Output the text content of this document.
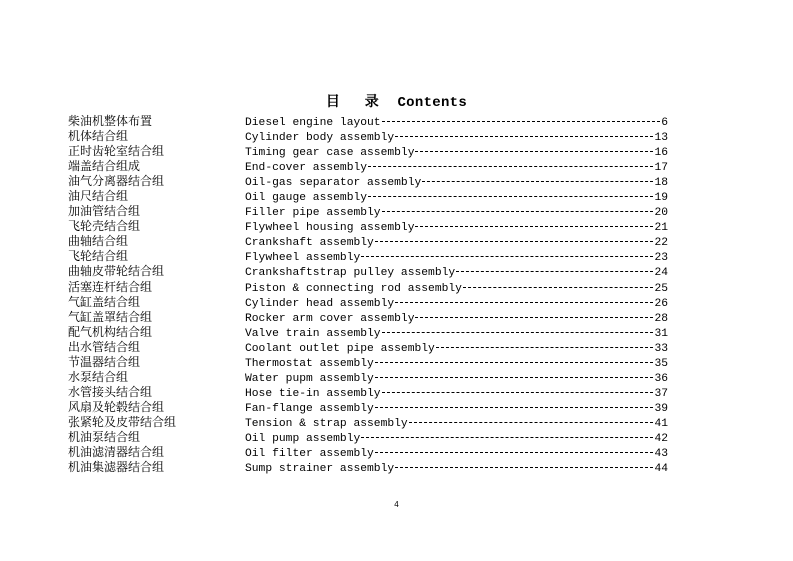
目 录 Contents
柴油机整体布置	Diesel engine layout	6
机体结合组	Cylinder body assembly	13
正时齿轮室结合组	Timing gear case assembly	16
端盖结合组成	End-cover assembly	17
油气分离器结合组	Oil-gas separator assembly	18
油尺结合组	Oil gauge assembly	19
加油管结合组	Filler pipe assembly	20
飞轮壳结合组	Flywheel housing assembly	21
曲轴结合组	Crankshaft assembly	22
飞轮结合组	Flywheel assembly	23
曲轴皮带轮结合组	Crankshaftstrap pulley assembly	24
活塞连杆结合组	Piston & connecting rod assembly	25
气缸盖结合组	Cylinder head assembly	26
气缸盖罩结合组	Rocker arm cover assembly	28
配气机构结合组	Valve train assembly	31
出水管结合组	Coolant outlet pipe assembly	33
节温器结合组	Thermostat assembly	35
水泵结合组	Water pupm assembly	36
水管接头结合组	Hose tie-in assembly	37
风扇及轮毂结合组	Fan-flange assembly	39
张紧轮及皮带结合组	Tension & strap assembly	41
机油泵结合组	Oil pump assembly	42
机油滤清器结合组	Oil filter assembly	43
机油集滤器结合组	Sump strainer assembly	44
4
